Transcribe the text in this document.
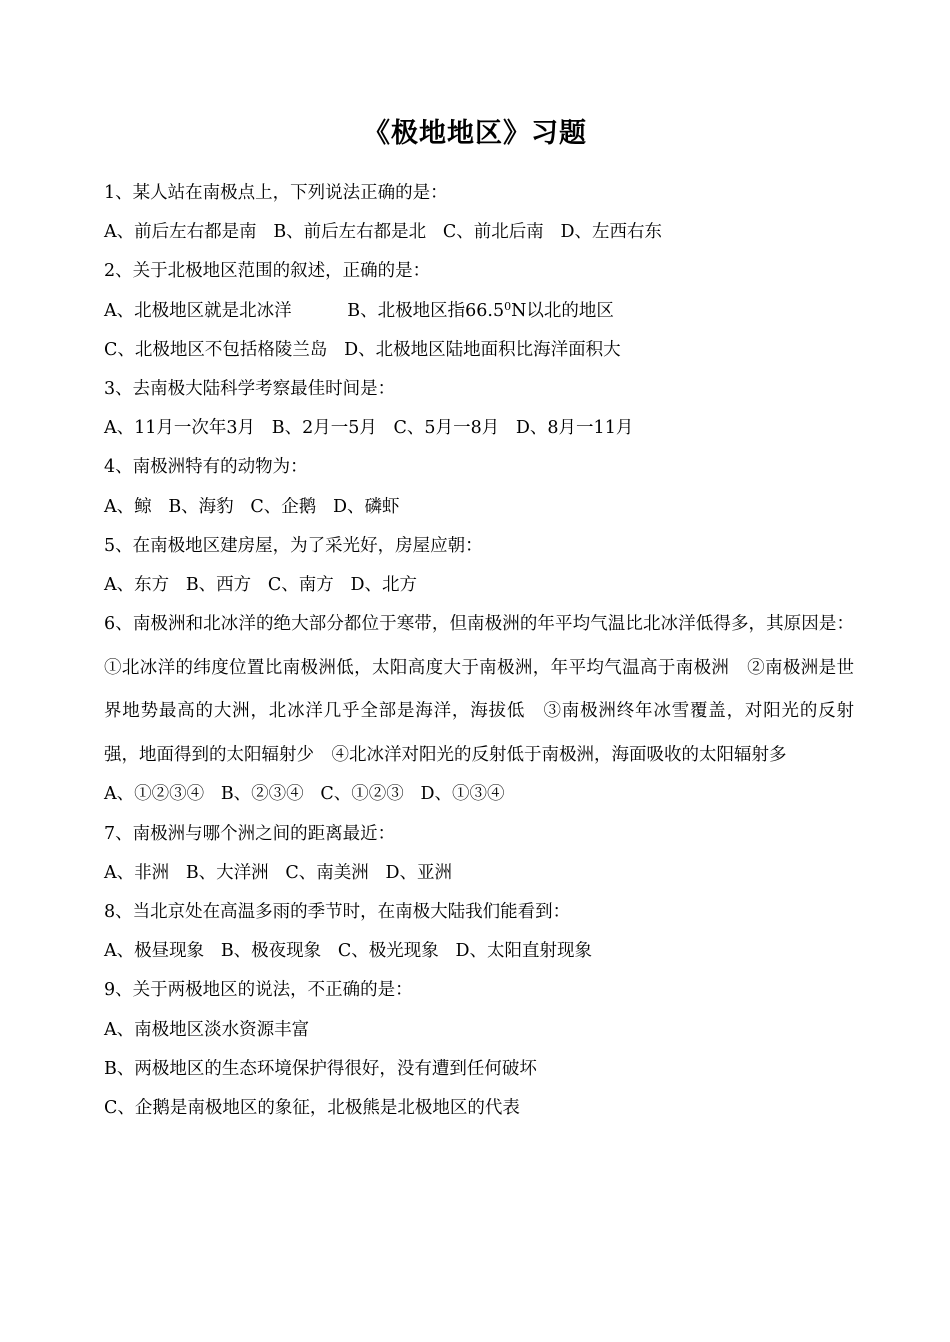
《极地地区》习题
1、某人站在南极点上，下列说法正确的是：
A、前后左右都是南   B、前后左右都是北   C、前北后南   D、左西右东
2、关于北极地区范围的叙述，正确的是：
A、北极地区就是北冰洋          B、北极地区指66.5$^0$N以北的地区
C、北极地区不包括格陵兰岛   D、北极地区陆地面积比海洋面积大
3、去南极大陆科学考察最佳时间是：
A、11月一次年3月   B、2月一5月   C、5月一8月   D、8月一11月
4、南极洲特有的动物为：
A、鲸   B、海豹   C、企鹅   D、磷虾
5、在南极地区建房屋，为了采光好，房屋应朝：
A、东方   B、西方   C、南方   D、北方
6、南极洲和北冰洋的绝大部分都位于寒带，但南极洲的年平均气温比北冰洋低得多，其原因是：①北冰洋的纬度位置比南极洲低，太阳高度大于南极洲，年平均气温高于南极洲　②南极洲是世界地势最高的大洲，北冰洋几乎全部是海洋，海拔低　③南极洲终年冰雪覆盖，对阳光的反射强，地面得到的太阳辐射少　④北冰洋对阳光的反射低于南极洲，海面吸收的太阳辐射多
A、①②③④   B、②③④   C、①②③   D、①③④
7、南极洲与哪个洲之间的距离最近：
A、非洲   B、大洋洲   C、南美洲   D、亚洲
8、当北京处在高温多雨的季节时，在南极大陆我们能看到：
A、极昼现象   B、极夜现象   C、极光现象   D、太阳直射现象
9、关于两极地区的说法，不正确的是：
A、南极地区淡水资源丰富
B、两极地区的生态环境保护得很好，没有遭到任何破坏
C、企鹅是南极地区的象征，北极熊是北极地区的代表
